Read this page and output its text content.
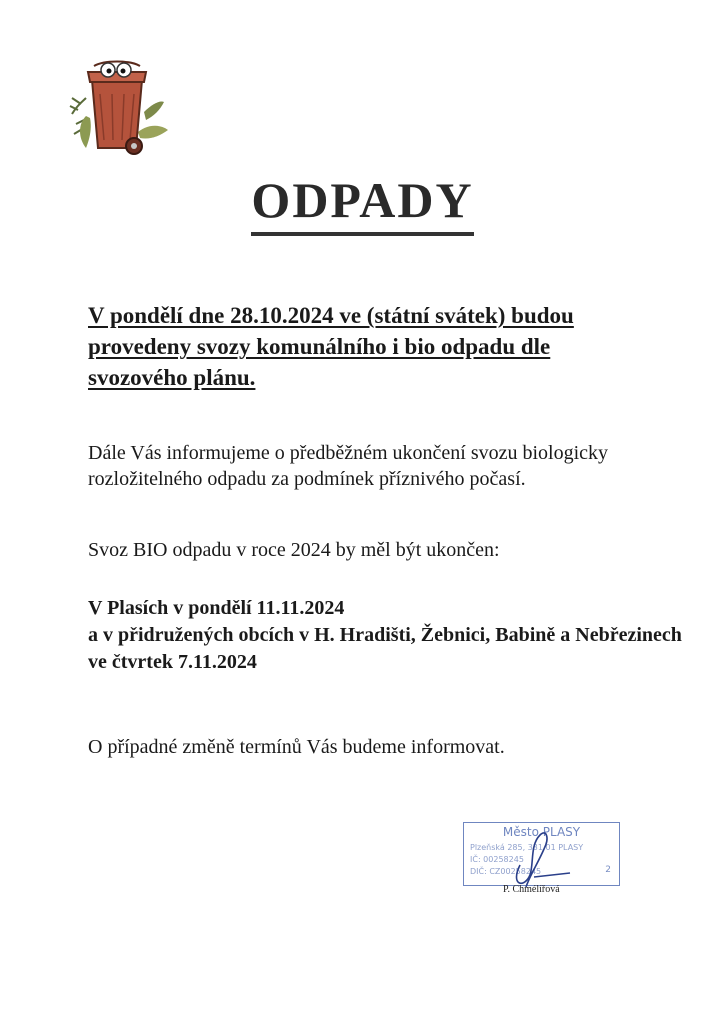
ODPADY
V pondělí dne 28.10.2024 ve (státní svátek) budou provedeny svozy komunálního i bio odpadu dle svozového plánu.
Dále Vás informujeme o předběžném ukončení svozu biologicky rozložitelného odpadu za podmínek příznivého počasí.
Svoz BIO odpadu v roce 2024 by měl být ukončen:
V Plasích v pondělí 11.11.2024
a v přidružených obcích v H. Hradišti, Žebnici, Babině a Nebřezinech ve čtvrtek 7.11.2024
O případné změně termínů Vás budeme informovat.
Město PLASY
Plzeňská 285, 331 01 PLASY
IČ: 00258245
DIČ: CZ00258245	2
P. Chmélířová
